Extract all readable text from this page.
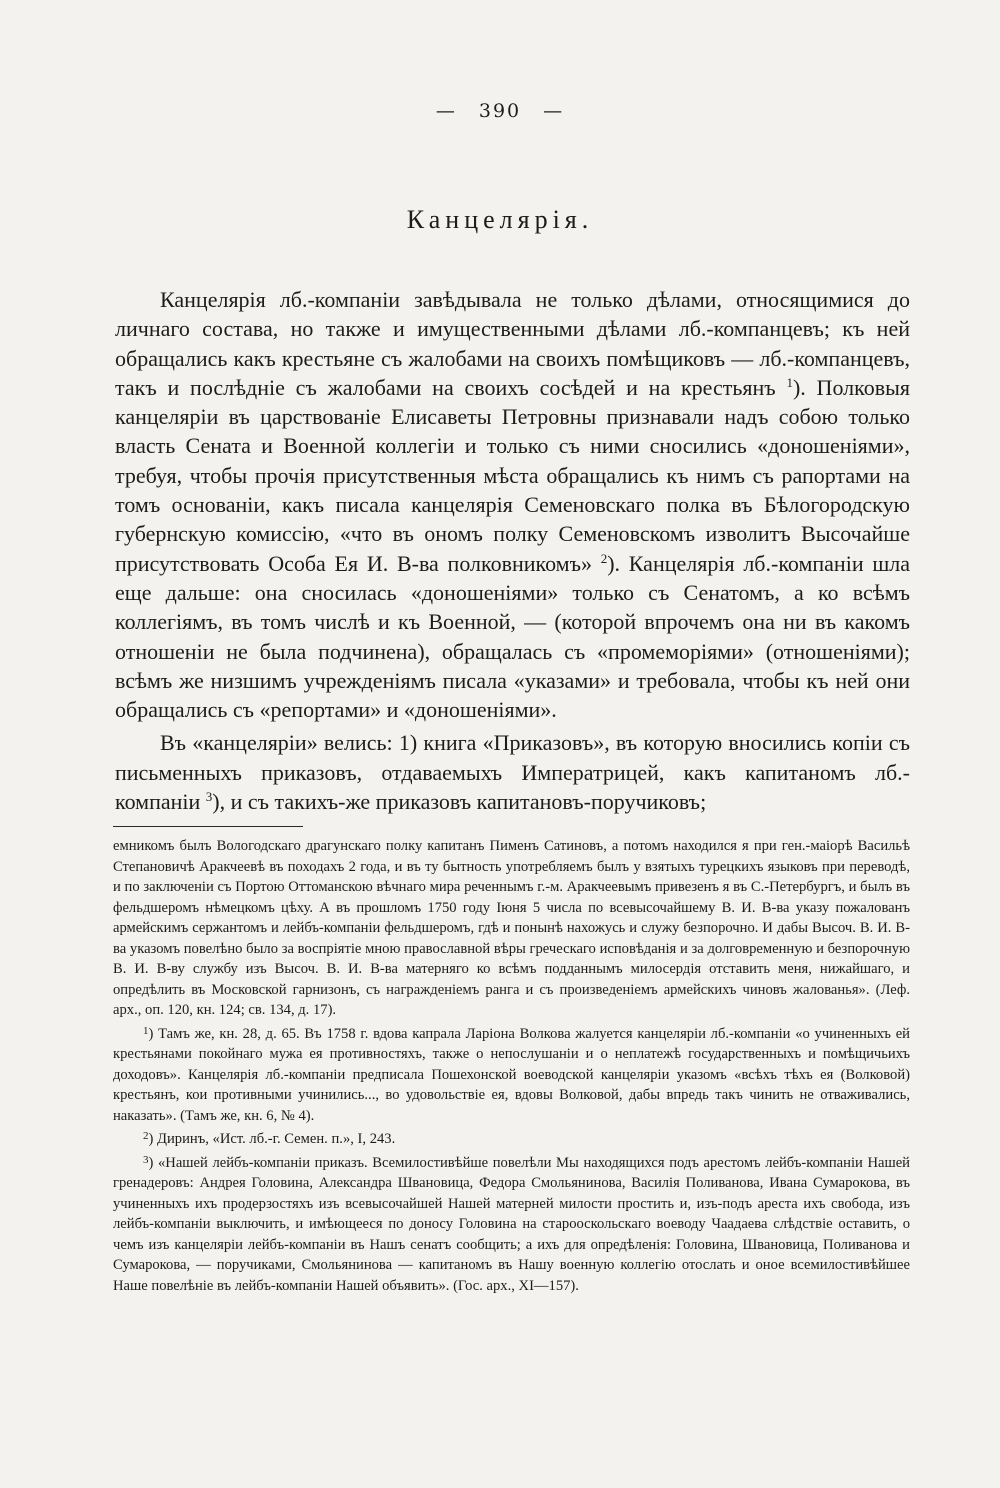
— 390 —
Канцелярія.

Канцелярія лб.-компаніи завѣдывала не только дѣлами, относящимися до личнаго состава, но также и имущественными дѣлами лб.-компанцевъ; къ ней обращались какъ крестьяне съ жалобами на своихъ помѣщиковъ — лб.-компанцевъ, такъ и послѣдніе съ жалобами на своихъ сосѣдей и на крестьянъ $^1$). Полковыя канцеляріи въ царствованіе Елисаветы Петровны признавали надъ собою только власть Сената и Военной коллегіи и только съ ними сносились «доношеніями», требуя, чтобы прочія присутственныя мѣста обращались къ нимъ съ рапортами на томъ основаніи, какъ писала канцелярія Семеновскаго полка въ Бѣлогородскую губернскую комиссію, «что въ ономъ полку Семеновскомъ изволитъ Высочайше присутствовать Особа Ея И. В-ва полковникомъ» $^2$). Канцелярія лб.-компаніи шла еще дальше: она сносилась «доношеніями» только съ Сенатомъ, а ко всѣмъ коллегіямъ, въ томъ числѣ и къ Военной, — (которой впрочемъ она ни въ какомъ отношеніи не была подчинена), обращалась съ «промеморіями» (отношеніями); всѣмъ же низшимъ учрежденіямъ писала «указами» и требовала, чтобы къ ней они обращались съ «репортами» и «доношеніями».

Въ «канцеляріи» велись: 1) книга «Приказовъ», въ которую вносились копіи съ письменныхъ приказовъ, отдаваемыхъ Императрицей, какъ капитаномъ лб.-компаніи $^3$), и съ такихъ-же приказовъ капитановъ-поручиковъ;

емникомъ былъ Вологодскаго драгунскаго полку капитанъ Пименъ Сатиновъ, а потомъ находился я при ген.-маiорѣ Васильѣ Степановичѣ Аракчеевѣ въ походахъ 2 года, и въ ту бытность употребляемъ былъ у взятыхъ турецкихъ языковъ при переводѣ, и по заключеніи съ Портою Оттоманскою вѣчнаго мира реченнымъ г.-м. Аракчеевымъ привезенъ я въ С.-Петербургъ, и былъ въ фельдшеромъ нѣмецкомъ цѣху. А въ прошломъ 1750 году Іюня 5 числа по всевысочайшему В. И. В-ва указу пожалованъ армейскимъ сержантомъ и лейбъ-компаніи фельдшеромъ, гдѣ и понынѣ нахожусь и служу безпорочно. И дабы Высоч. В. И. В-ва указомъ повелѣно было за воспріятіе мною православной вѣры греческаго исповѣданія и за долговременную и безпорочную В. И. В-ву службу изъ Высоч. В. И. В-ва матерняго ко всѣмъ подданнымъ милосердія отставить меня, нижайшаго, и опредѣлить въ Московской гарнизонъ, съ награжденіемъ ранга и съ произведеніемъ армейскихъ чиновъ жалованья». (Леф. арх., оп. 120, кн. 124; св. 134, д. 17).

$^1$) Тамъ же, кн. 28, д. 65. Въ 1758 г. вдова капрала Ларіона Волкова жалуется канцеляріи лб.-компаніи «о учиненныхъ ей крестьянами покойнаго мужа ея противностяхъ, также о непослушаніи и о неплатежѣ государственныхъ и помѣщичьихъ доходовъ». Канцелярія лб.-компаніи предписала Пошехонской воеводской канцеляріи указомъ «всѣхъ тѣхъ ея (Волковой) крестьянъ, кои противными учинились..., во удовольствіе ея, вдовы Волковой, дабы впредь такъ чинить не отваживались, наказать». (Тамъ же, кн. 6, № 4).

$^2$) Диринъ, «Ист. лб.-г. Семен. п.», I, 243.

$^3$) «Нашей лейбъ-компаніи приказъ. Всемилостивѣйше повелѣли Мы находящихся подъ арестомъ лейбъ-компаніи Нашей гренадеровъ: Андрея Головина, Александра Швановица, Федора Смольянинова, Василія Поливанова, Ивана Сумарокова, въ учиненныхъ ихъ продерзостяхъ изъ всевысочайшей Нашей матерней милости простить и, изъ-подъ ареста ихъ свобода, изъ лейбъ-компаніи выключить, и имѣющееся по доносу Головина на старооскольскаго воеводу Чаадаева слѣдствіе оставить, о чемъ изъ канцеляріи лейбъ-компаніи въ Нашъ сенатъ сообщить; а ихъ для опредѣленія: Головина, Швановица, Поливанова и Сумарокова, — поручиками, Смольянинова — капитаномъ въ Нашу военную коллегію отослать и оное всемилостивѣйшее Наше повелѣніе въ лейбъ-компаніи Нашей объявить». (Гос. арх., XI—157).
